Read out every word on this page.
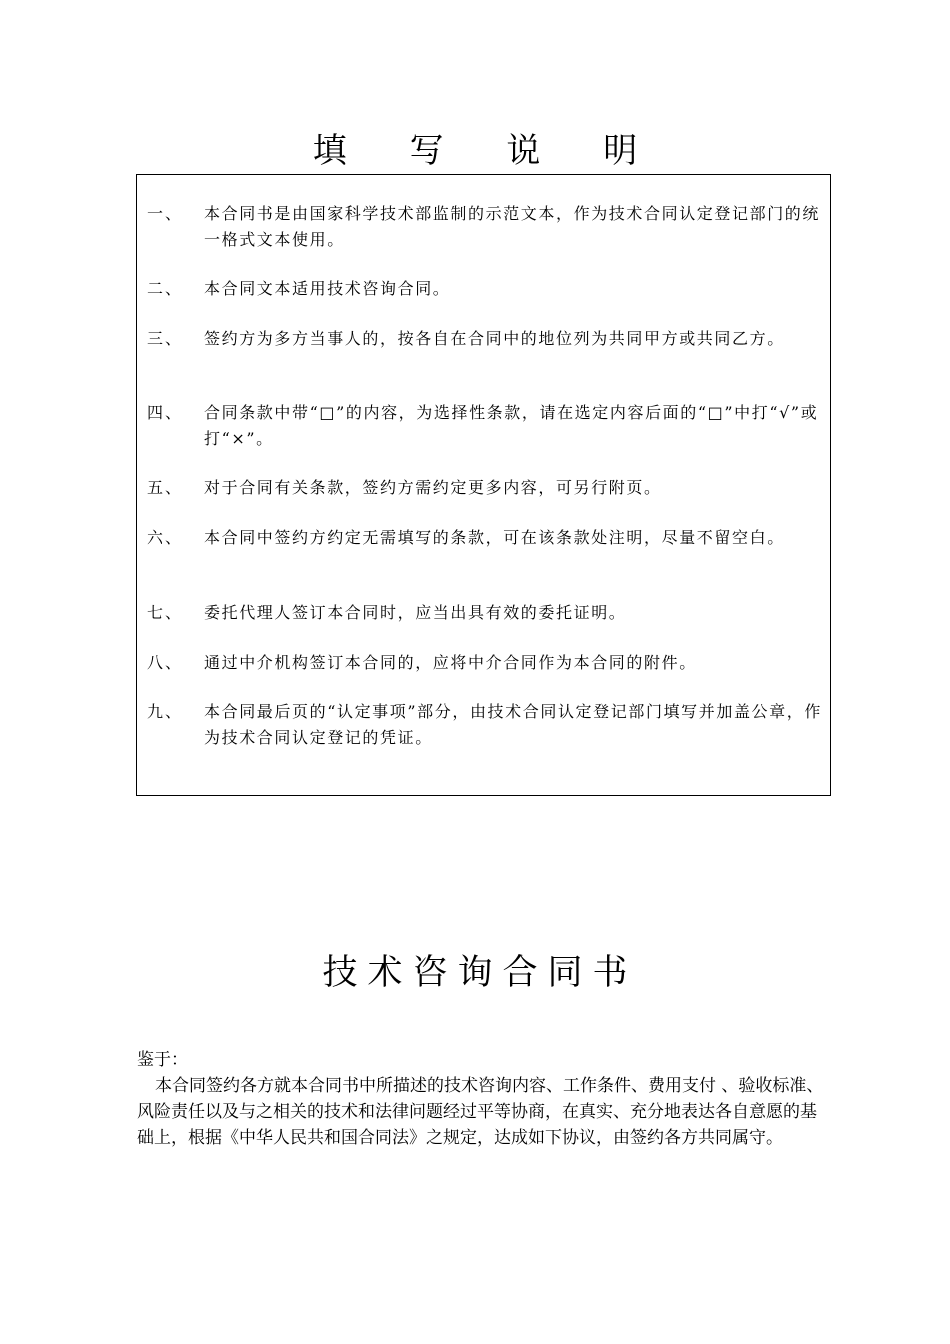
填 写 说 明
一、	本合同书是由国家科学技术部监制的示范文本，作为技术合同认定登记部门的统一格式文本使用。
二、	本合同文本适用技术咨询合同。
三、	签约方为多方当事人的，按各自在合同中的地位列为共同甲方或共同乙方。
四、	合同条款中带“□”的内容，为选择性条款，请在选定内容后面的“□”中打“√”或打“×”。
五、	对于合同有关条款，签约方需约定更多内容，可另行附页。
六、	本合同中签约方约定无需填写的条款，可在该条款处注明，尽量不留空白。
七、	委托代理人签订本合同时，应当出具有效的委托证明。
八、	通过中介机构签订本合同的，应将中介合同作为本合同的附件。
九、	本合同最后页的“认定事项”部分，由技术合同认定登记部门填写并加盖公章，作为技术合同认定登记的凭证。
技术咨询合同书
鉴于：
本合同签约各方就本合同书中所描述的技术咨询内容、工作条件、费用支付 、验收标准、风险责任以及与之相关的技术和法律问题经过平等协商，在真实、充分地表达各自意愿的基础上，根据《中华人民共和国合同法》之规定，达成如下协议，由签约各方共同属守。
